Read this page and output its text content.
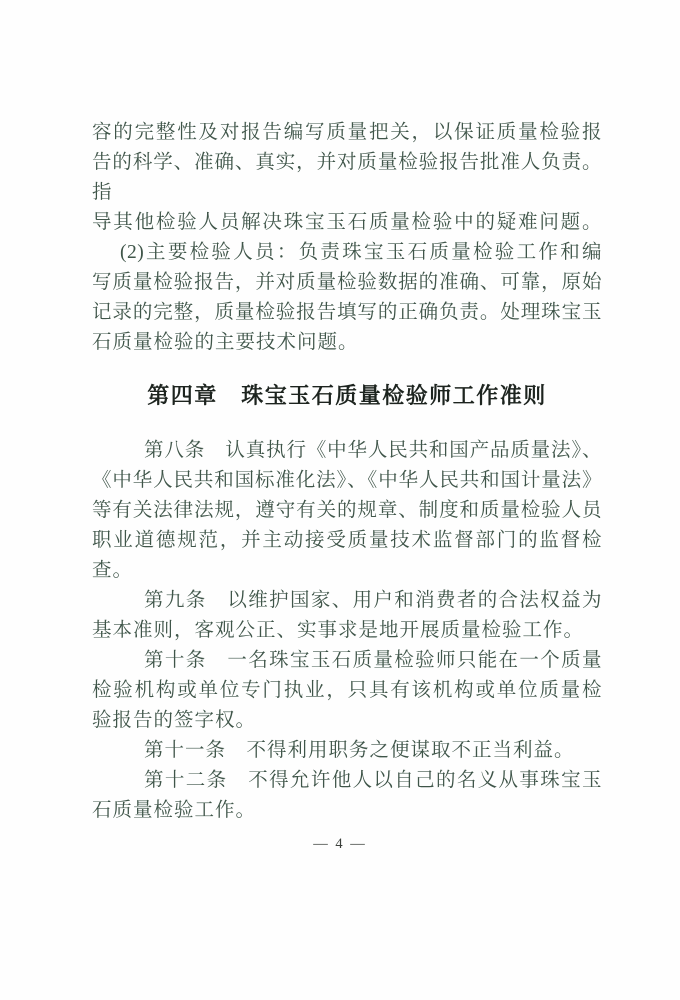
容的完整性及对报告编写质量把关，以保证质量检验报
告的科学、准确、真实，并对质量检验报告批准人负责。指
导其他检验人员解决珠宝玉石质量检验中的疑难问题。
(2)主要检验人员：负责珠宝玉石质量检验工作和编
写质量检验报告，并对质量检验数据的准确、可靠，原始
记录的完整，质量检验报告填写的正确负责。处理珠宝玉
石质量检验的主要技术问题。
第四章　珠宝玉石质量检验师工作准则
第八条　认真执行《中华人民共和国产品质量法》、
《中华人民共和国标准化法》、《中华人民共和国计量法》
等有关法律法规，遵守有关的规章、制度和质量检验人员
职业道德规范，并主动接受质量技术监督部门的监督检
查。
第九条　以维护国家、用户和消费者的合法权益为
基本准则，客观公正、实事求是地开展质量检验工作。
第十条　一名珠宝玉石质量检验师只能在一个质量
检验机构或单位专门执业，只具有该机构或单位质量检
验报告的签字权。
第十一条　不得利用职务之便谋取不正当利益。
第十二条　不得允许他人以自己的名义从事珠宝玉
石质量检验工作。
— 4 —
